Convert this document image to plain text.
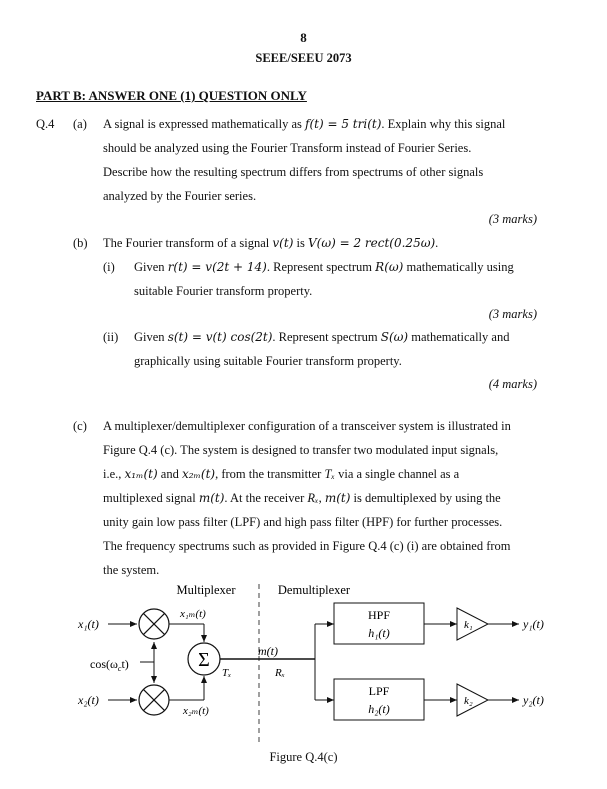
8
SEEE/SEEU 2073
PART B: ANSWER ONE (1) QUESTION ONLY
Q.4 (a) A signal is expressed mathematically as f(t) = 5 tri(t). Explain why this signal
should be analyzed using the Fourier Transform instead of Fourier Series.
Describe how the resulting spectrum differs from spectrums of other signals
analyzed by the Fourier series.
(3 marks)
(b) The Fourier transform of a signal v(t) is V(ω) = 2 rect(0.25ω).
(i) Given r(t) = v(2t + 14). Represent spectrum R(ω) mathematically using
suitable Fourier transform property.
(3 marks)
(ii) Given s(t) = v(t) cos(2t). Represent spectrum S(ω) mathematically and
graphically using suitable Fourier transform property.
(4 marks)
(c) A multiplexer/demultiplexer configuration of a transceiver system is illustrated in
Figure Q.4 (c). The system is designed to transfer two modulated input signals,
i.e., x₁ₘ(t) and x₂ₘ(t), from the transmitter Tₓ via a single channel as a
multiplexed signal m(t). At the receiver Rₓ, m(t) is demultiplexed by using the
unity gain low pass filter (LPF) and high pass filter (HPF) for further processes.
The frequency spectrums such as provided in Figure Q.4 (c) (i) are obtained from
the system.
Multiplexer	Demultiplexer
x₁(t)
x₂(t)
$\cos(\omega_ct)$
x₁ₘ(t)
x₂ₘ(t)
Σ	m(t)
Tₓ	Rₓ
HPF
h₁(t)
LPF
h₂(t)
k₁
k₂
y₁(t)
y₂(t)
Figure Q.4(c)
